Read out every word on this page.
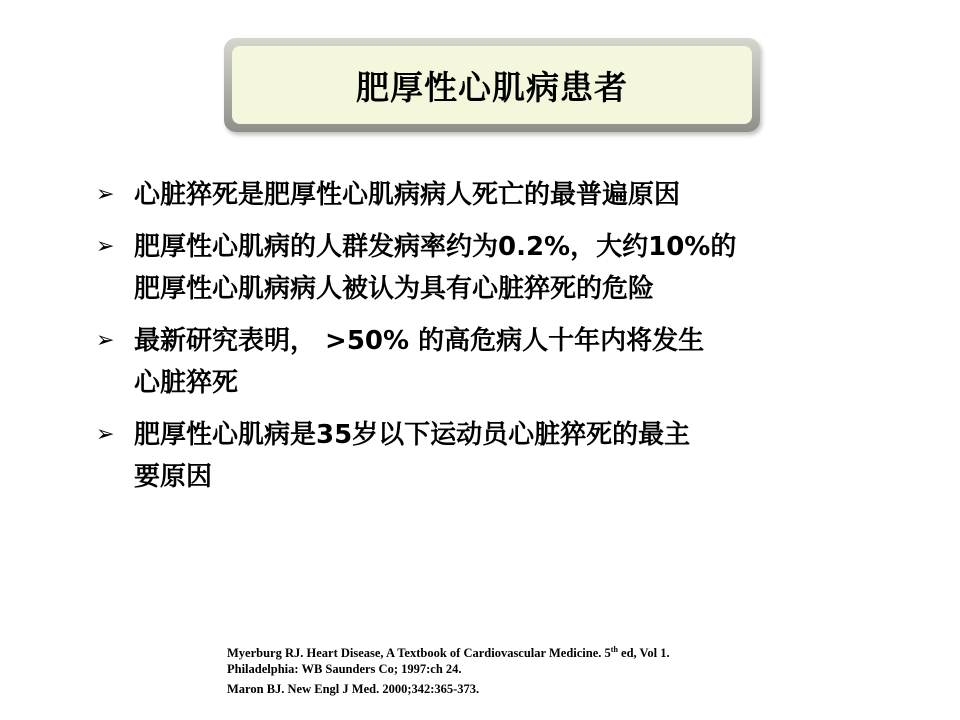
肥厚性心肌病患者
➢ 心脏猝死是肥厚性心肌病病人死亡的最普遍原因
➢ 肥厚性心肌病的人群发病率约为0.2%，大约10%的
肥厚性心肌病病人被认为具有心脏猝死的危险
➢ 最新研究表明， >50% 的高危病人十年内将发生
心脏猝死
➢ 肥厚性心肌病是35岁以下运动员心脏猝死的最主
要原因
Myerburg RJ. Heart Disease, A Textbook of Cardiovascular Medicine. 5th ed, Vol 1.
Philadelphia: WB Saunders Co; 1997:ch 24.
Maron BJ. New Engl J Med. 2000;342:365-373.
